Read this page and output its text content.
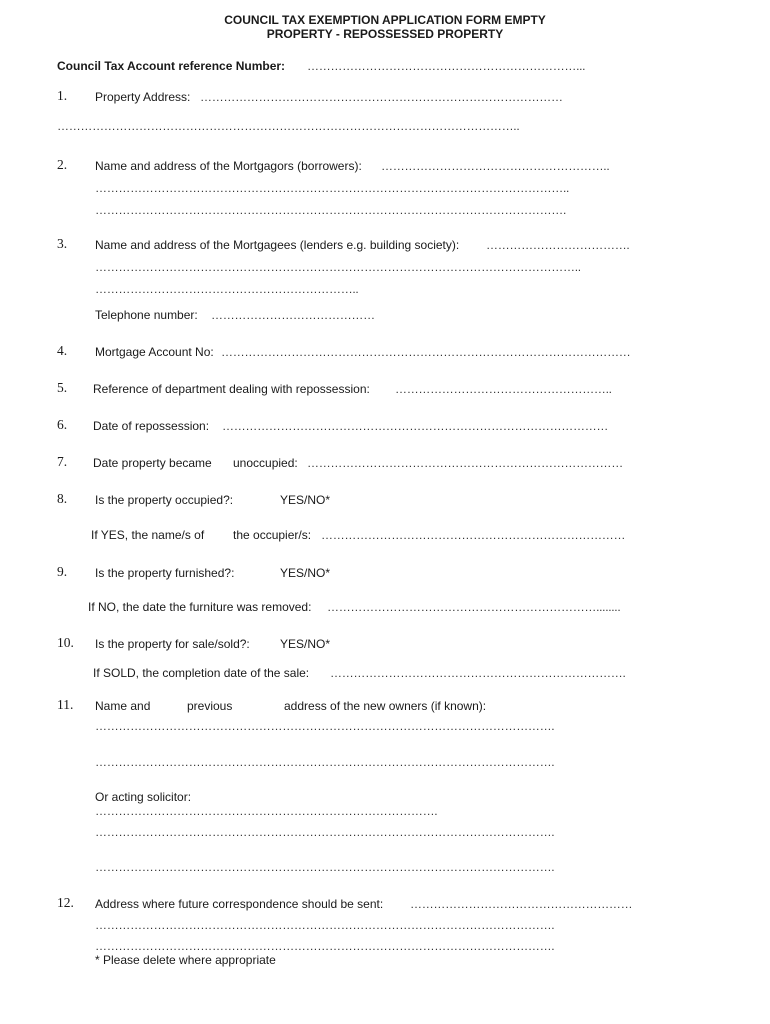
COUNCIL TAX EXEMPTION APPLICATION FORM EMPTY
PROPERTY - REPOSSESSED PROPERTY
Council Tax Account reference Number: ……………………………………………………………...
1. Property Address: …………………………………………………………………………………
………………………………………………………………………………………………………..
2. Name and address of the Mortgagors (borrowers): …………………………………………………..
…………………………………………………………………………………………………………..
………………………………………………………………………………………………………….
3. Name and address of the Mortgagees (lenders e.g. building society): ……………………………….
……………………………………………………………………………………………………………..
…………………………………………………………..
Telephone number: ……………………………………
4. Mortgage Account No: ……………………………………………………………………………………………
5. Reference of department dealing with repossession: ………………………………………………..
6. Date of repossession: ………………………………………………………………………………………
7. Date property became unoccupied: ………………………………………………………………………
8. Is the property occupied?:	YES/NO*
If YES, the name/s of the occupier/s: ……………………………………………………………………
9. Is the property furnished?:	YES/NO*
If NO, the date the furniture was removed: ……………………………………………………………........
10. Is the property for sale/sold?:	YES/NO*
If SOLD, the completion date of the sale: ………………………………………………………………….
11. Name and	previous	address of the new owners (if known):
……………………………………………………………………………………………………….
……………………………………………………………………………………………………….
Or acting solicitor:
…………………………………………………………………………….
……………………………………………………………………………………………………….
……………………………………………………………………………………………………….
12. Address where future correspondence should be sent: …………………………………………………
……………………………………………………………………………………………………….
……………………………………………………………………………………………………….
* Please delete where appropriate
